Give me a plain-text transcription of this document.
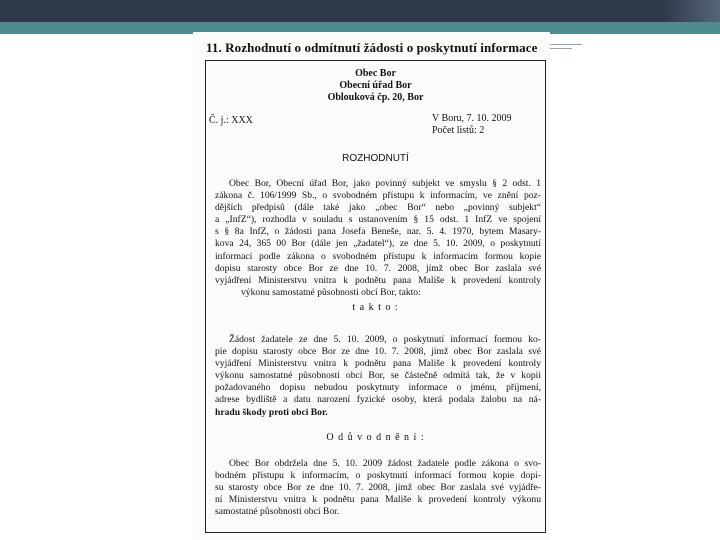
11. Rozhodnutí o odmítnutí žádosti o poskytnutí informace
Obec Bor
Obecní úřad Bor
Oblouková čp. 20, Bor
Č. j.: XXX	V Boru, 7. 10. 2009
Počet listů: 2
ROZHODNUTÍ
Obec Bor, Obecní úřad Bor, jako povinný subjekt ve smyslu § 2 odst. 1
zákona č. 106/1999 Sb., o svobodném přístupu k informacím, ve znění poz-
dějších předpisů (dále také jako „obec Bor“ nebo „povinný subjekt“
a „InfZ“), rozhodla v souladu s ustanovením § 15 odst. 1 InfZ ve spojení
s § 8a InfZ, o žádosti pana Josefa Beneše, nar. 5. 4. 1970, bytem Masary-
kova 24, 365 00 Bor (dále jen „žadatel“), ze dne 5. 10. 2009, o poskytnutí
informací podle zákona o svobodném přístupu k informacím formou kopie
dopisu starosty obce Bor ze dne 10. 7. 2008, jímž obec Bor zaslala své
vyjádření Ministerstvu vnitra k podnětu pana Mališe k provedení kontroly
výkonu samostatné působnosti obcí Bor, takto:
t a k t o :
Žádost žadatele ze dne 5. 10. 2009, o poskytnutí informací formou ko-
pie dopisu starosty obce Bor ze dne 10. 7. 2008, jímž obec Bor zaslala své
vyjádření Ministerstvu vnitra k podnětu pana Mališe k provedení kontroly
výkonu samostatné působnosti obcí Bor, se částečně odmítá tak, že v kopii
požadovaného dopisu nebudou poskytnuty informace o jménu, příjmení,
adrese bydliště a datu narození fyzické osoby, která podala žalobu na ná-
hradu škody proti obci Bor.
O d ů v o d n ě n í :
Obec Bor obdržela dne 5. 10. 2009 žádost žadatele podle zákona o svo-
bodném přístupu k informacím, o poskytnutí informací formou kopie dopi-
su starosty obce Bor ze dne 10. 7. 2008, jímž obec Bor zaslala své vyjádře-
ní Ministerstvu vnitra k podnětu pana Mališe k provedení kontroly výkonu
samostatné působnosti obcí Bor.
